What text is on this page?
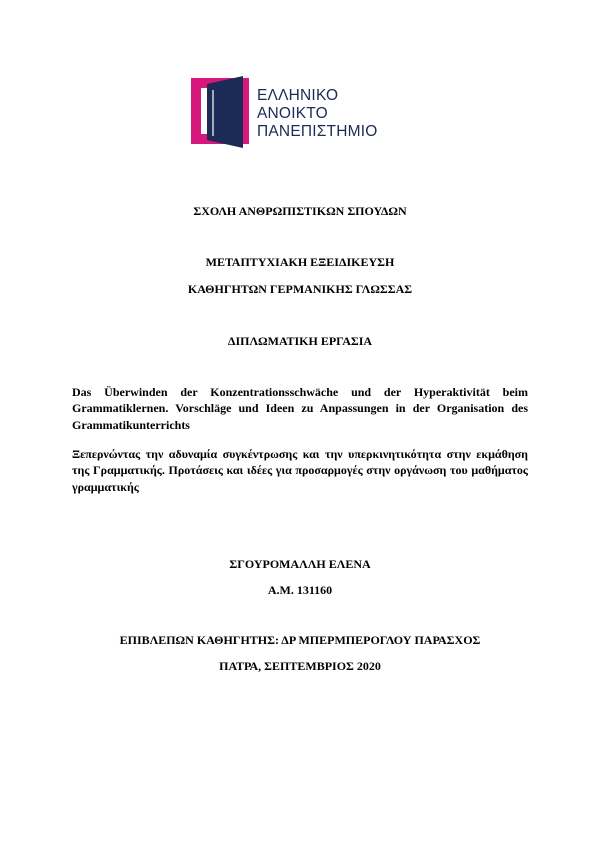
ΕΛΛΗΝΙΚΟ
ΑΝΟΙΚΤΟ
ΠΑΝΕΠΙΣΤΗΜΙΟ
ΣΧΟΛΗ ΑΝΘΡΩΠΙΣΤΙΚΩΝ ΣΠΟΥΔΩΝ
ΜΕΤΑΠΤΥΧΙΑΚΗ ΕΞΕΙΔΙΚΕΥΣΗ
ΚΑΘΗΓΗΤΩΝ ΓΕΡΜΑΝΙΚΗΣ ΓΛΩΣΣΑΣ
ΔΙΠΛΩΜΑΤΙΚΗ ΕΡΓΑΣΙΑ
Das Überwinden der Konzentrationsschwäche und der Hyperaktivität beim Grammatiklernen. Vorschläge und Ideen zu Anpassungen in der Organisation des Grammatikunterrichts
Ξεπερνώντας την αδυναμία συγκέντρωσης και την υπερκινητικότητα στην εκμάθηση της Γραμματικής. Προτάσεις και ιδέες για προσαρμογές στην οργάνωση του μαθήματος γραμματικής
ΣΓΟΥΡΟΜΑΛΛΗ ΕΛΕΝΑ
Α.Μ. 131160
ΕΠΙΒΛΕΠΩΝ ΚΑΘΗΓΗΤΗΣ: ΔΡ ΜΠΕΡΜΠΕΡΟΓΛΟΥ ΠΑΡΑΣΧΟΣ
ΠΑΤΡΑ, ΣΕΠΤΕΜΒΡΙΟΣ 2020
